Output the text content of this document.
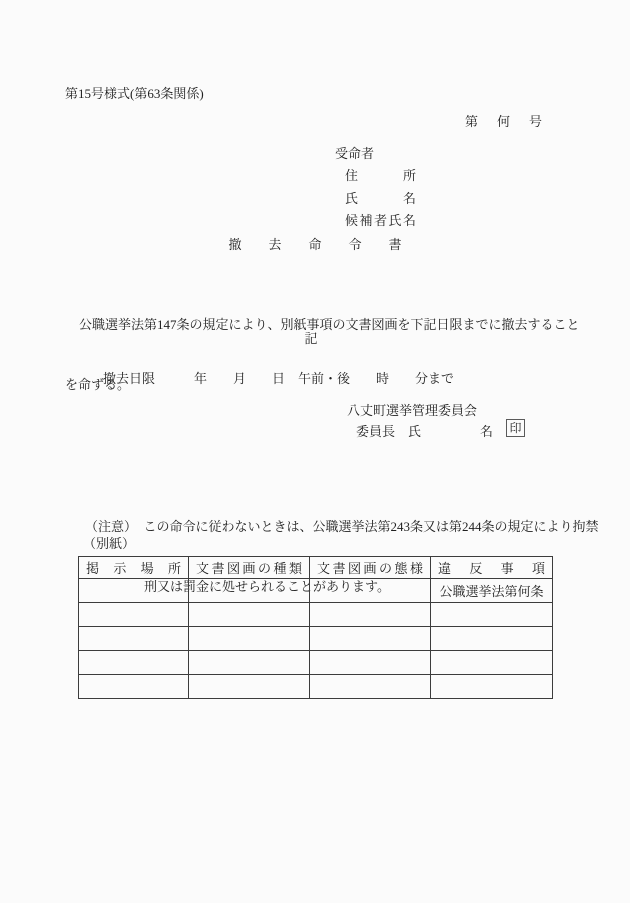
第15号様式(第63条関係)
第　何　号
受命者
住所
氏名
候補者氏名
撤去命令書

公職選挙法第147条の規定により、別紙事項の文書図画を下記日限までに撤去すること

を命ずる。

記
撤去日限　　　年　　月　　日　午前・後　　時　　分まで
八丈町選挙管理委員会
委員長　氏	名 印

（注意）　この命令に従わないときは、公職選挙法第243条又は第244条の規定により拘禁

刑又は罰金に処せられることがあります。

（別紙）
掲示場所	文書図画の種類	文書図画の態様	違反事項
			公職選挙法第何条
